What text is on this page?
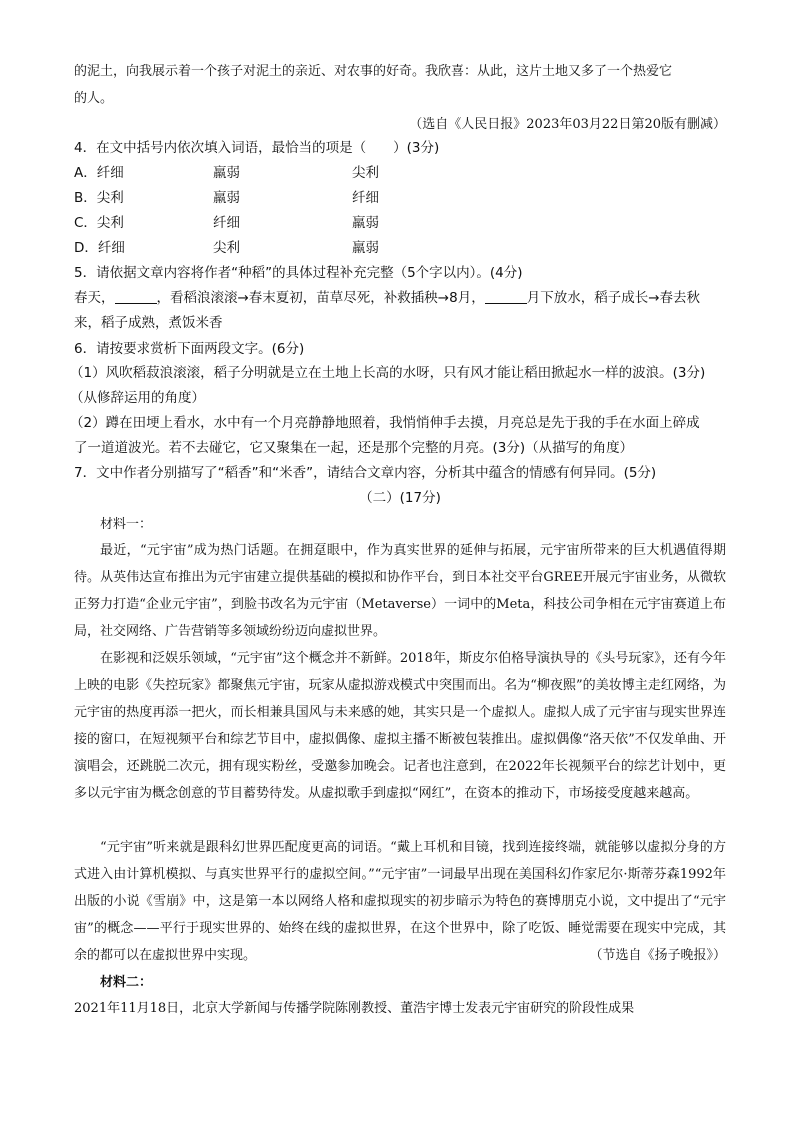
的泥土，向我展示着一个孩子对泥土的亲近、对农事的好奇。我欣喜：从此，这片土地又多了一个热爱它

的人。

（选自《人民日报》2023年03月22日第20版有删减）

4．在文中括号内依次填入词语，最恰当的项是（　　）(3分)

A．纤细	羸弱	尖利
B．尖利	羸弱	纤细
C．尖利	纤细	羸弱
D．纤细	尖利	羸弱

5．请依据文章内容将作者“种稻”的具体过程补充完整（5个字以内）。(4分)

春天，	，看稻浪滚滚→春末夏初，苗草尽死，补救插秧→8月，	月下放水，稻子成长→春去秋

来，稻子成熟，煮饭米香

6．请按要求赏析下面两段文字。(6分)

（1）风吹稻菽浪滚滚，稻子分明就是立在土地上长高的水呀，只有风才能让稻田掀起水一样的波浪。(3分)

（从修辞运用的角度）

（2）蹲在田埂上看水，水中有一个月亮静静地照着，我悄悄伸手去摸，月亮总是先于我的手在水面上碎成

了一道道波光。若不去碰它，它又聚集在一起，还是那个完整的月亮。(3分)（从描写的角度）

7．文中作者分别描写了“稻香”和“米香”，请结合文章内容，分析其中蕴含的情感有何异同。(5分)

（二）(17分)

材料一：

最近，“元宇宙”成为热门话题。在拥趸眼中，作为真实世界的延伸与拓展，元宇宙所带来的巨大机遇值得期待。从英伟达宣布推出为元宇宙建立提供基础的模拟和协作平台，到日本社交平台GREE开展元宇宙业务，从微软正努力打造“企业元宇宙”，到脸书改名为元宇宙（Metaverse）一词中的Meta，科技公司争相在元宇宙赛道上布局，社交网络、广告营销等多领域纷纷迈向虚拟世界。

在影视和泛娱乐领域，“元宇宙”这个概念并不新鲜。2018年，斯皮尔伯格导演执导的《头号玩家》，还有今年上映的电影《失控玩家》都聚焦元宇宙，玩家从虚拟游戏模式中突围而出。名为“柳夜熙”的美妆博主走红网络，为元宇宙的热度再添一把火，而长相兼具国风与未来感的她，其实只是一个虚拟人。虚拟人成了元宇宙与现实世界连接的窗口，在短视频平台和综艺节目中，虚拟偶像、虚拟主播不断被包装推出。虚拟偶像“洛天依”不仅发单曲、开演唱会，还跳脱二次元，拥有现实粉丝，受邀参加晚会。记者也注意到，在2022年长视频平台的综艺计划中，更多以元宇宙为概念创意的节目蓄势待发。从虚拟歌手到虚拟“网红”，在资本的推动下，市场接受度越来越高。

“元宇宙”听来就是跟科幻世界匹配度更高的词语。“戴上耳机和目镜，找到连接终端，就能够以虚拟分身的方式进入由计算机模拟、与真实世界平行的虚拟空间。”“元宇宙”一词最早出现在美国科幻作家尼尔·斯蒂芬森1992年出版的小说《雪崩》中，这是第一本以网络人格和虚拟现实的初步暗示为特色的赛博朋克小说，文中提出了“元宇宙”的概念——平行于现实世界的、始终在线的虚拟世界，在这个世界中，除了吃饭、睡觉需要在现实中完成，其余的都可以在虚拟世界中实现。	（节选自《扬子晚报》）

材料二：

2021年11月18日，北京大学新闻与传播学院陈刚教授、董浩宇博士发表元宇宙研究的阶段性成果
